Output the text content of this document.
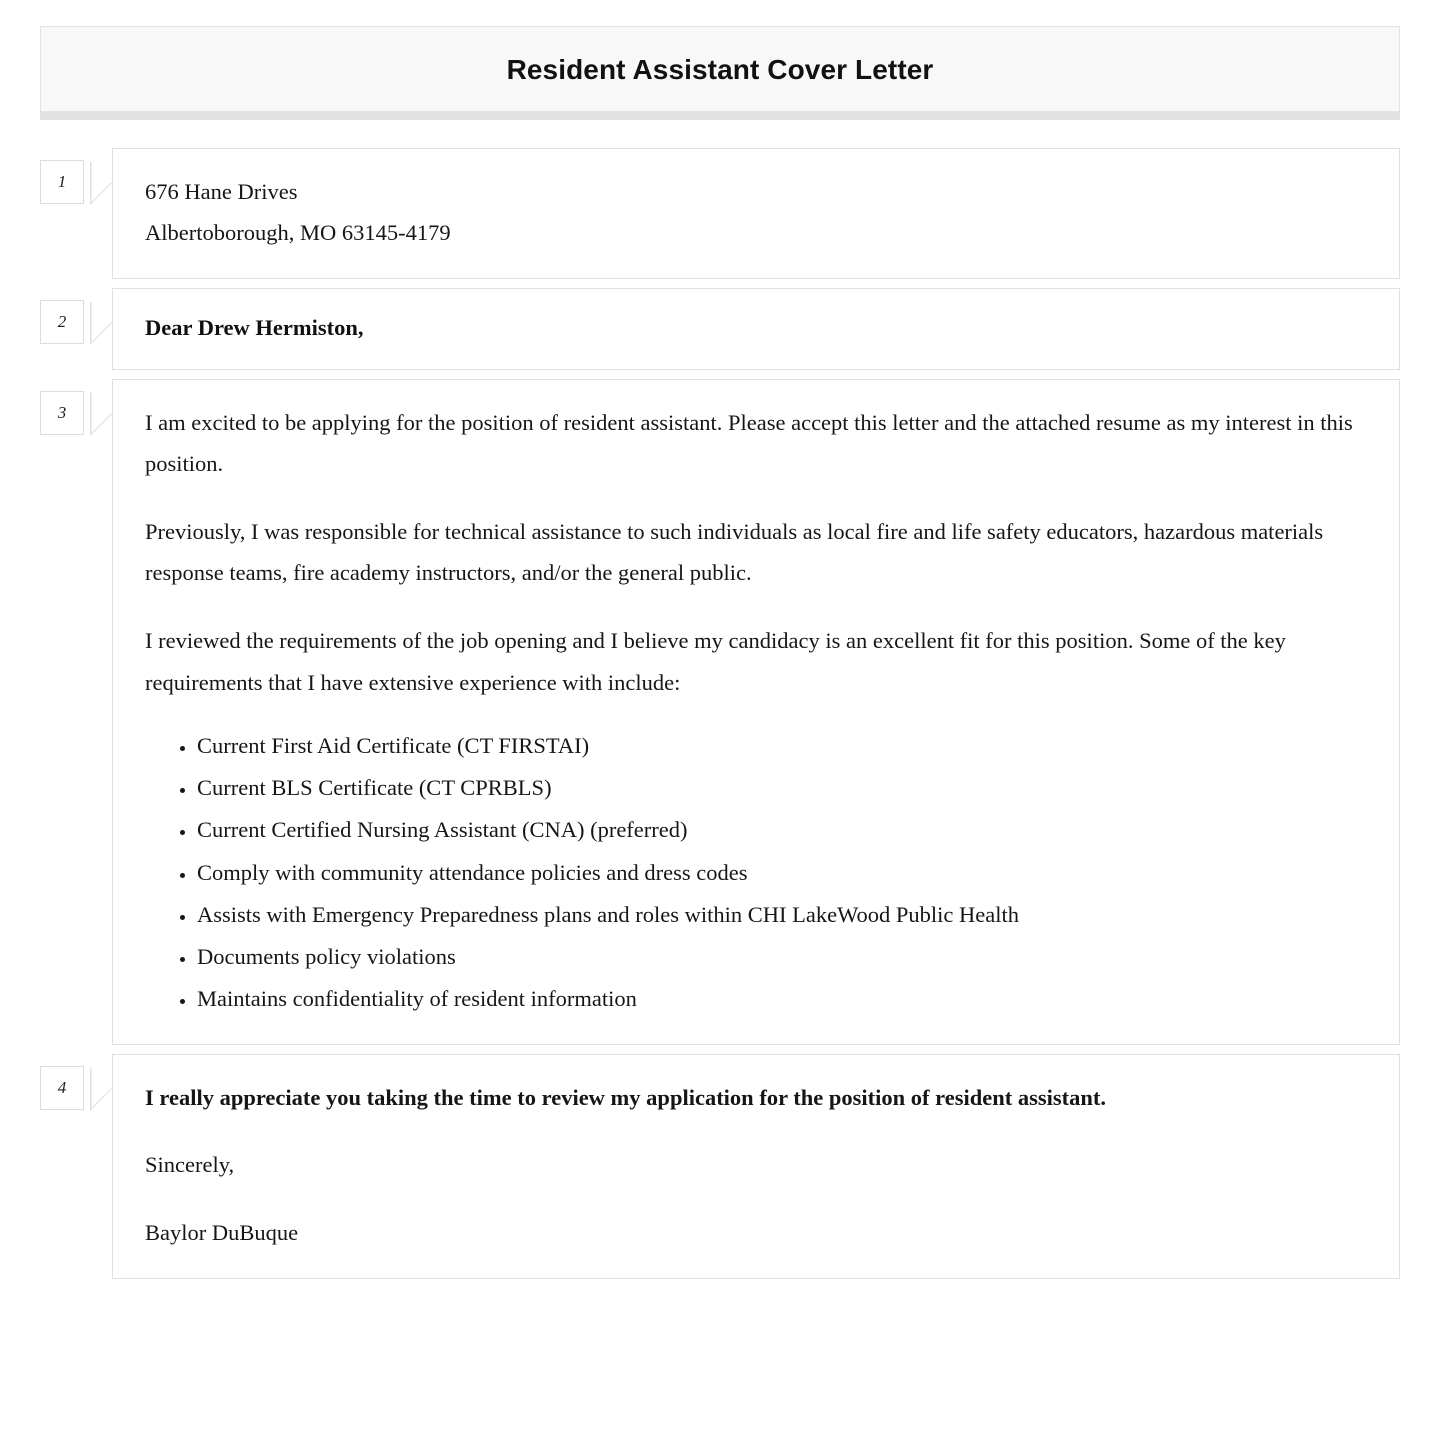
Resident Assistant Cover Letter
1	676 Hane Drives
Albertoborough, MO 63145-4179
2	Dear Drew Hermiston,

3	I am excited to be applying for the position of resident assistant. Please accept this letter and the attached resume as my interest in this position.

Previously, I was responsible for technical assistance to such individuals as local fire and life safety educators, hazardous materials response teams, fire academy instructors, and/or the general public.

I reviewed the requirements of the job opening and I believe my candidacy is an excellent fit for this position. Some of the key requirements that I have extensive experience with include:

• Current First Aid Certificate (CT FIRSTAI)
• Current BLS Certificate (CT CPRBLS)
• Current Certified Nursing Assistant (CNA) (preferred)
• Comply with community attendance policies and dress codes
• Assists with Emergency Preparedness plans and roles within CHI LakeWood Public Health
• Documents policy violations
• Maintains confidentiality of resident information
4	I really appreciate you taking the time to review my application for the position of resident assistant.

Sincerely,

Baylor DuBuque
